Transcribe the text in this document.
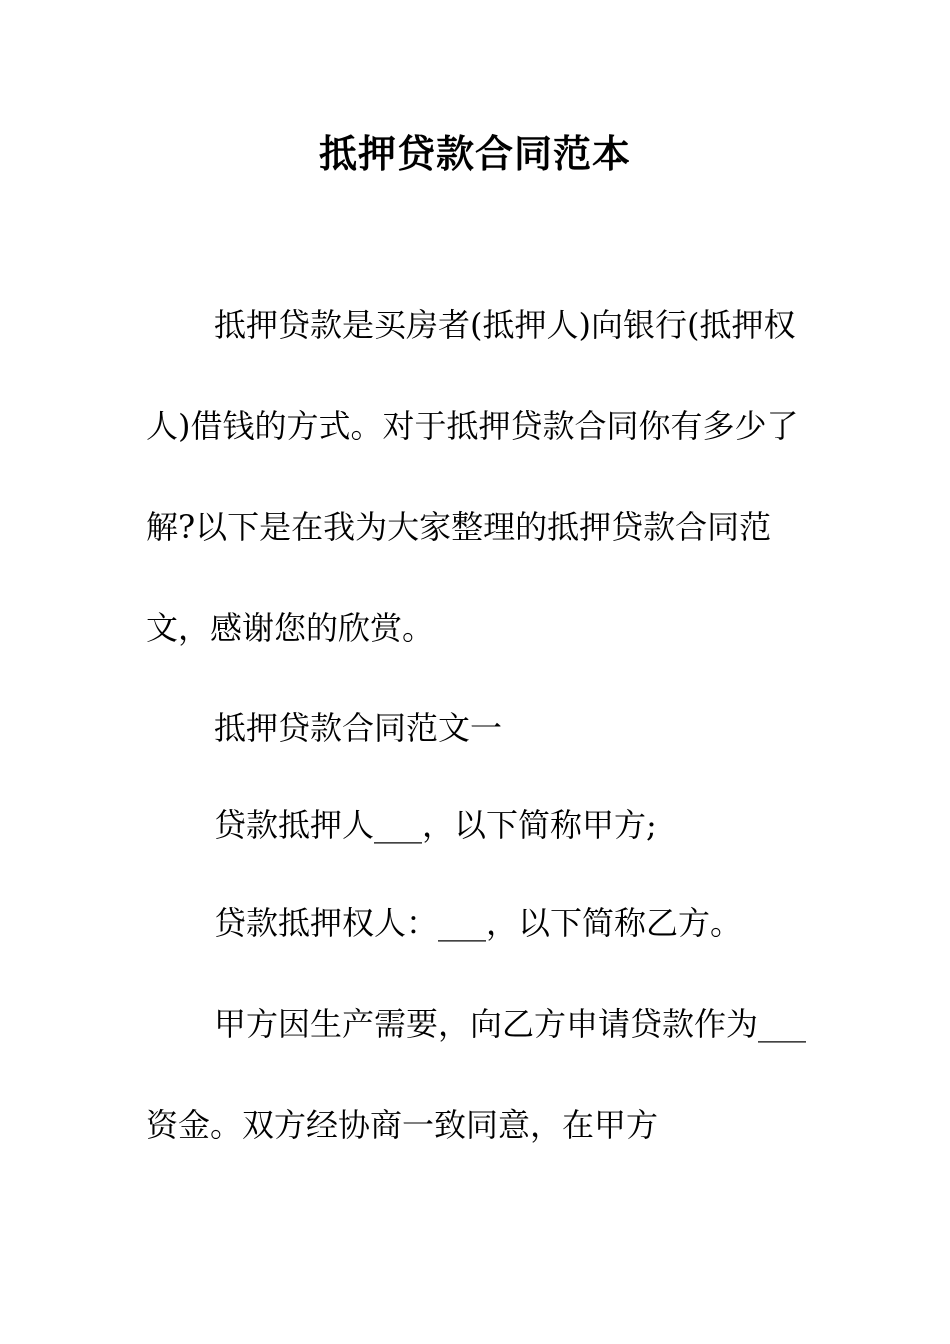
抵押贷款合同范本

抵押贷款是买房者(抵押人)向银行(抵押权人)借钱的方式。对于抵押贷款合同你有多少了解?以下是在我为大家整理的抵押贷款合同范文，感谢您的欣赏。

抵押贷款合同范文一

贷款抵押人___，以下简称甲方;

贷款抵押权人：___，以下简称乙方。

甲方因生产需要，向乙方申请贷款作为___资金。双方经协商一致同意，在甲方
